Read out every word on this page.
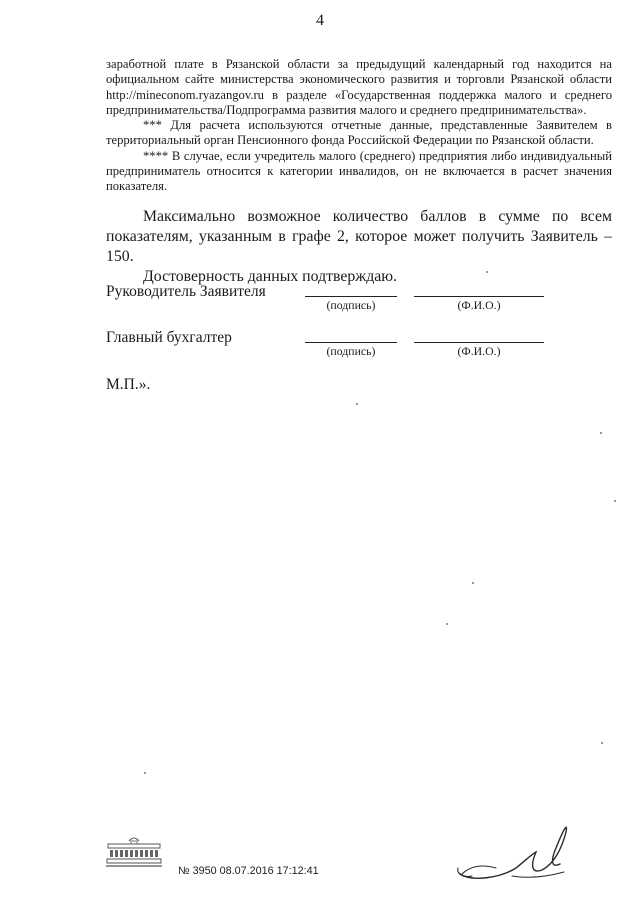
4

заработной плате в Рязанской области за предыдущий календарный год находится на официальном сайте министерства экономического развития и торговли Рязанской области http://mineconom.ryazangov.ru в разделе «Государственная поддержка малого и среднего предпринимательства/Подпрограмма развития малого и среднего предпринимательства».

*** Для расчета используются отчетные данные, представленные Заявителем в территориальный орган Пенсионного фонда Российской Федерации по Рязанской области.

**** В случае, если учредитель малого (среднего) предприятия либо индивидуальный предприниматель относится к категории инвалидов, он не включается в расчет значения показателя.

Максимально возможное количество баллов в сумме по всем показателям, указанным в графе 2, которое может получить Заявитель – 150.

Достоверность данных подтверждаю.

Руководитель Заявителя
(подпись)	(Ф.И.О.)
Главный бухгалтер
(подпись)	(Ф.И.О.)
М.П.».
№ 3950 08.07.2016 17:12:41
